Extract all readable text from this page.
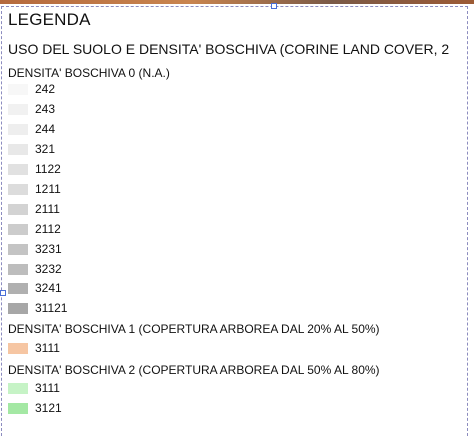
LEGENDA
USO DEL SUOLO E DENSITA' BOSCHIVA (CORINE LAND COVER, 2
DENSITA' BOSCHIVA 0 (N.A.)
242
243
244
321
1122
1211
2111
2112
3231
3232
3241
31121
DENSITA' BOSCHIVA 1 (COPERTURA ARBOREA DAL 20% AL 50%)
3111
DENSITA' BOSCHIVA 2 (COPERTURA ARBOREA DAL 50% AL 80%)
3111
3121
